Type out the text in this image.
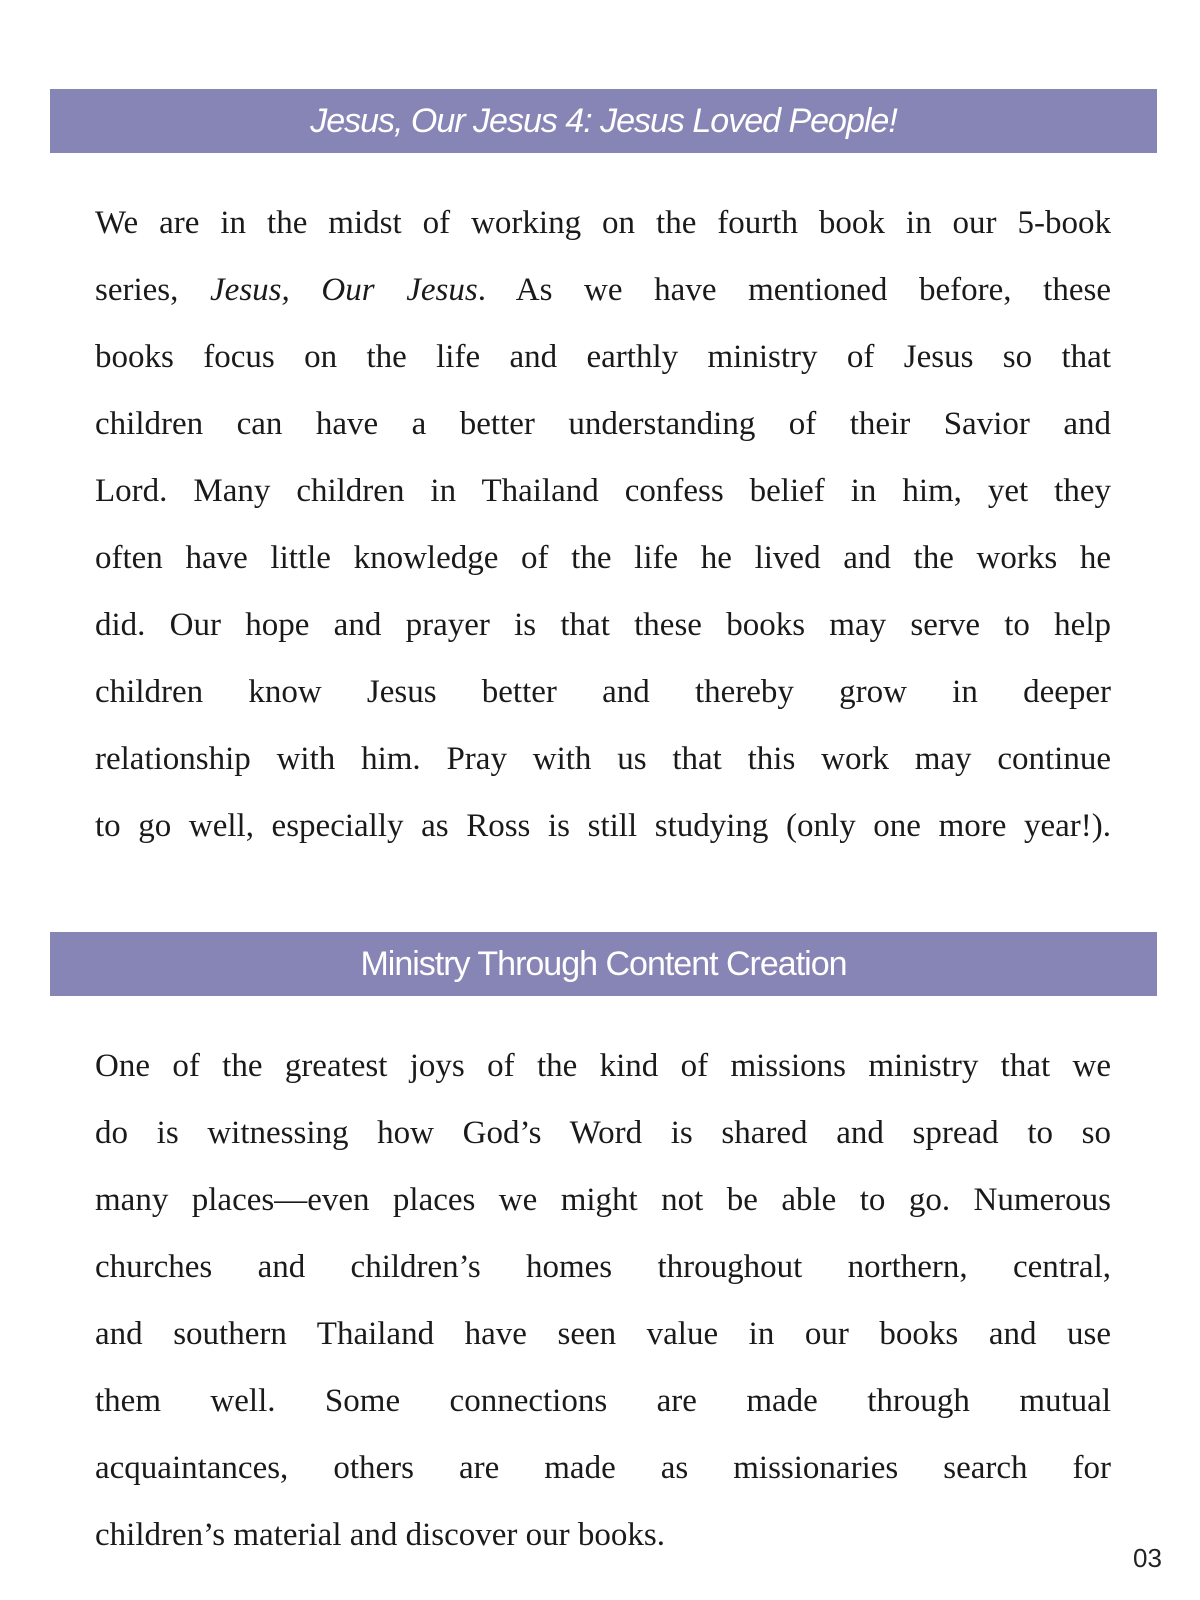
Jesus, Our Jesus 4: Jesus Loved People!
We are in the midst of working on the fourth book in our 5-book
series, Jesus, Our Jesus. As we have mentioned before, these
books focus on the life and earthly ministry of Jesus so that
children can have a better understanding of their Savior and
Lord. Many children in Thailand confess belief in him, yet they
often have little knowledge of the life he lived and the works he
did. Our hope and prayer is that these books may serve to help
children know Jesus better and thereby grow in deeper
relationship with him. Pray with us that this work may continue
to go well, especially as Ross is still studying (only one more year!).
Ministry Through Content Creation
One of the greatest joys of the kind of missions ministry that we
do is witnessing how God’s Word is shared and spread to so
many places—even places we might not be able to go. Numerous
churches and children’s homes throughout northern, central,
and southern Thailand have seen value in our books and use
them well. Some connections are made through mutual
acquaintances, others are made as missionaries search for
children’s material and discover our books.
03
